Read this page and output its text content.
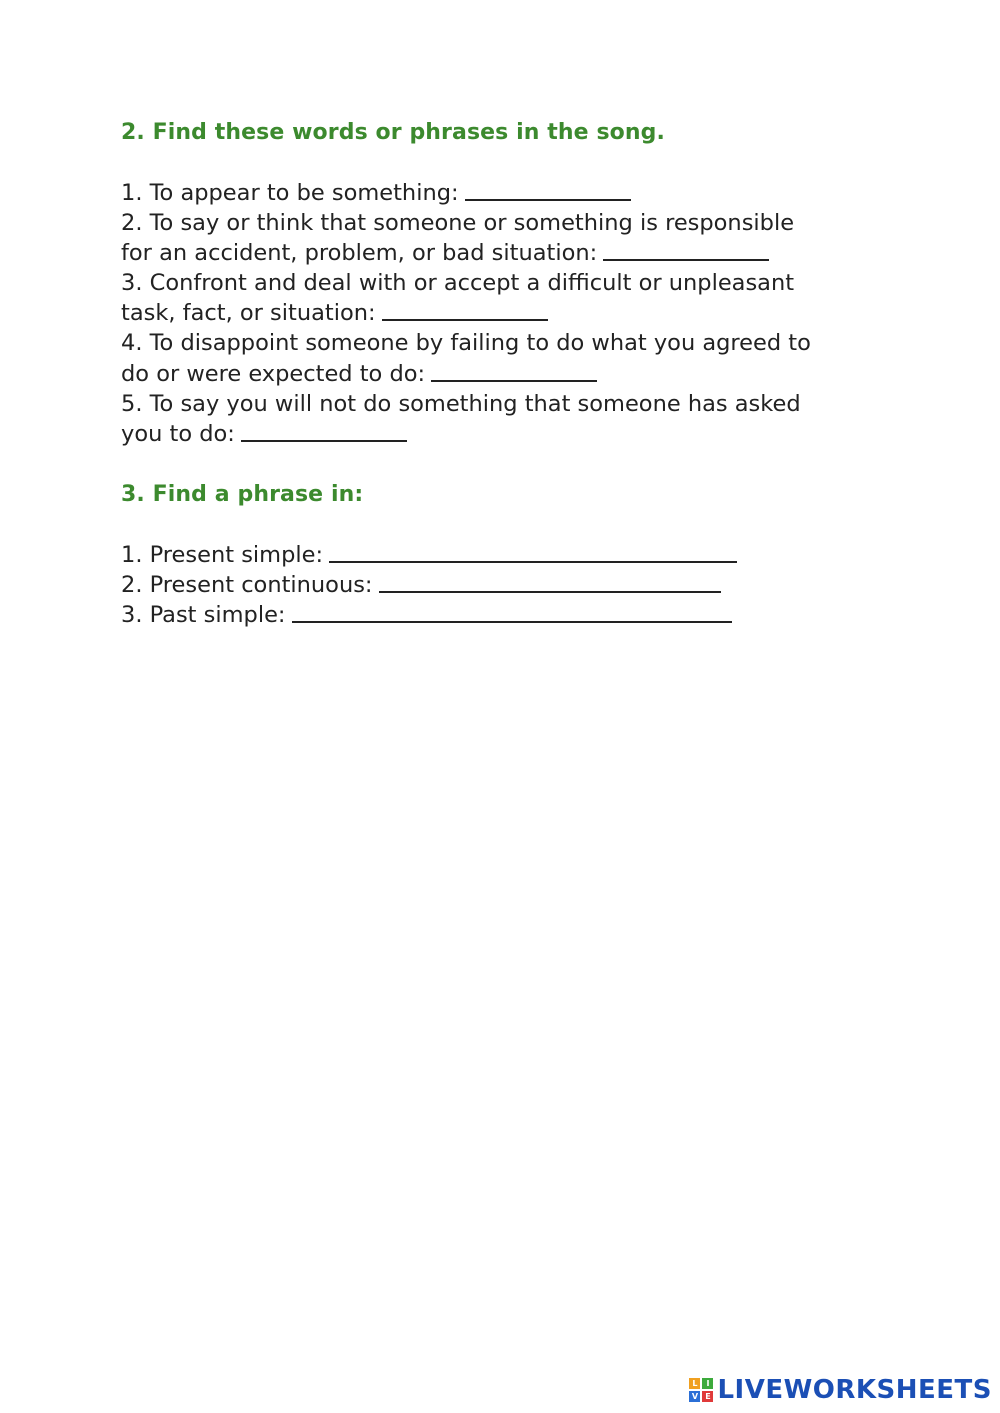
2. Find these words or phrases in the song.
1. To appear to be something:
2. To say or think that someone or something is responsible
for an accident, problem, or bad situation:
3. Confront and deal with or accept a difficult or unpleasant
task, fact, or situation:
4. To disappoint someone by failing to do what you agreed to
do or were expected to do:
5. To say you will not do something that someone has asked
you to do:
3. Find a phrase in:
1. Present simple:
2. Present continuous:
3. Past simple:
L	I
V E LIVEWORKSHEETS
